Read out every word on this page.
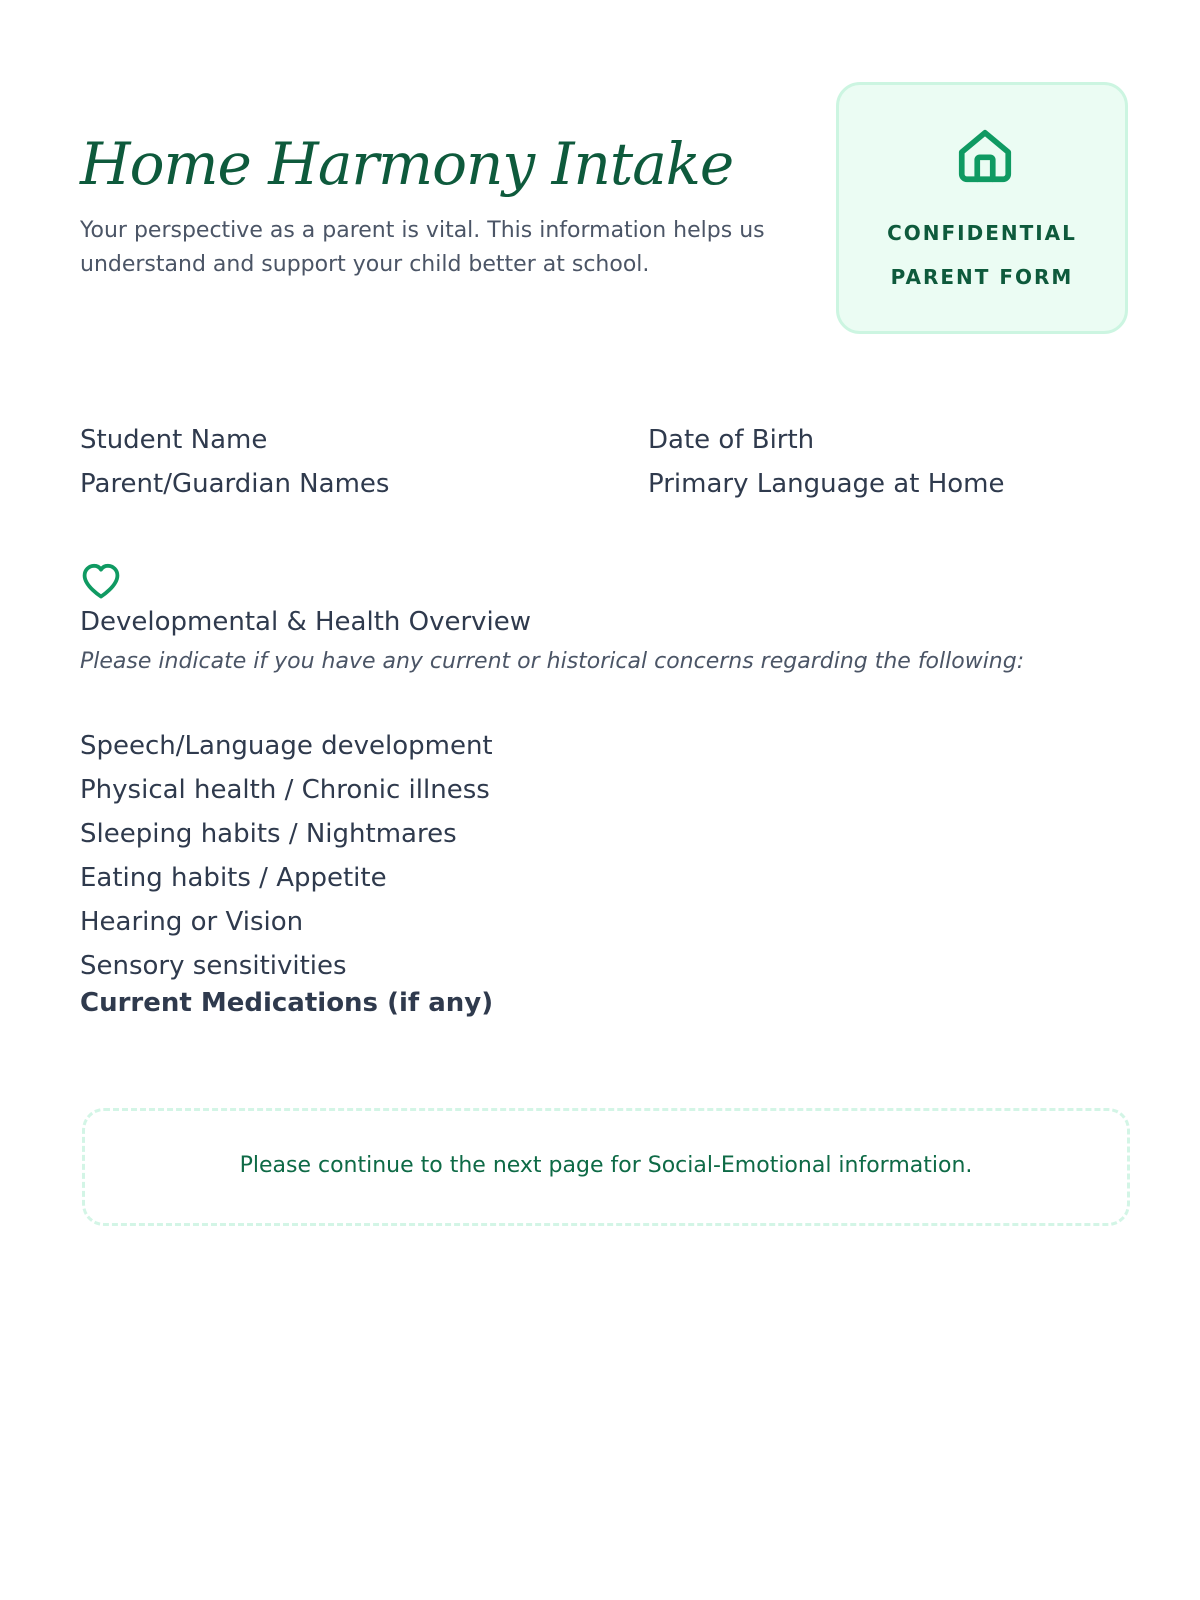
Home Harmony Intake

Your perspective as a parent is vital. This information helps us understand and support your child better at school.

CONFIDENTIAL
PARENT FORM
Student Name	Date of Birth
Parent/Guardian Names	Primary Language at Home
Developmental & Health Overview
Please indicate if you have any current or historical concerns regarding the following:
Speech/Language development
Physical health / Chronic illness
Sleeping habits / Nightmares
Eating habits / Appetite
Hearing or Vision
Sensory sensitivities
Current Medications (if any)
Please continue to the next page for Social-Emotional information.
